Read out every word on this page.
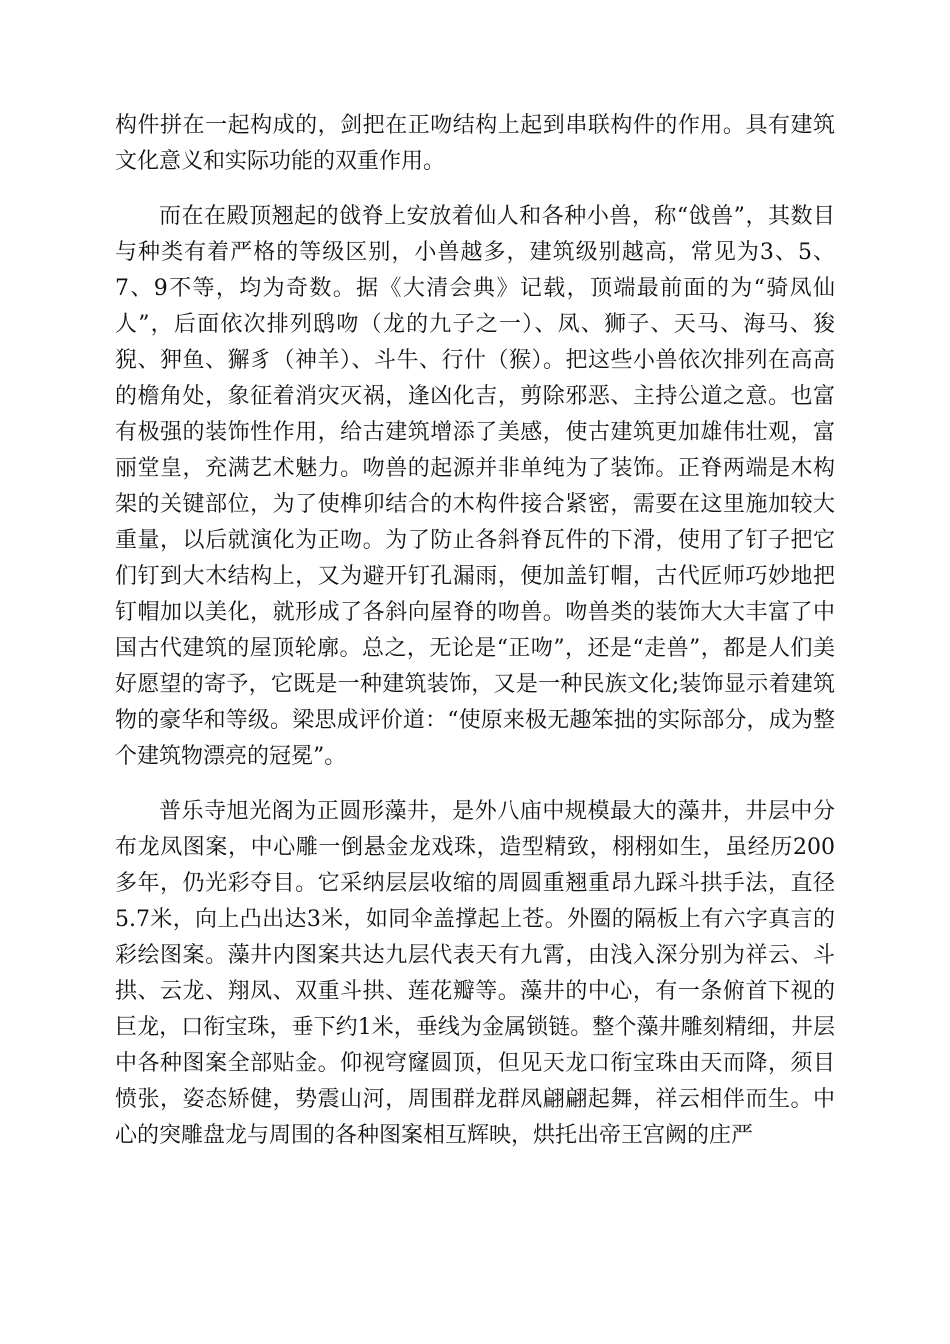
构件拼在一起构成的，剑把在正吻结构上起到串联构件的作用。具有建筑文化意义和实际功能的双重作用。

而在在殿顶翘起的戗脊上安放着仙人和各种小兽，称“戗兽”，其数目与种类有着严格的等级区别，小兽越多，建筑级别越高，常见为3、5、7、9不等，均为奇数。据《大清会典》记载，顶端最前面的为“骑凤仙人”，后面依次排列鸱吻（龙的九子之一）、凤、狮子、天马、海马、狻猊、狎鱼、獬豸（神羊）、斗牛、行什（猴）。把这些小兽依次排列在高高的檐角处，象征着消灾灭祸，逢凶化吉，剪除邪恶、主持公道之意。也富有极强的装饰性作用，给古建筑增添了美感，使古建筑更加雄伟壮观，富丽堂皇，充满艺术魅力。吻兽的起源并非单纯为了装饰。正脊两端是木构架的关键部位，为了使榫卯结合的木构件接合紧密，需要在这里施加较大重量，以后就演化为正吻。为了防止各斜脊瓦件的下滑，使用了钉子把它们钉到大木结构上，又为避开钉孔漏雨，便加盖钉帽，古代匠师巧妙地把钉帽加以美化，就形成了各斜向屋脊的吻兽。吻兽类的装饰大大丰富了中国古代建筑的屋顶轮廓。总之，无论是“正吻”，还是“走兽”，都是人们美好愿望的寄予，它既是一种建筑装饰，又是一种民族文化;装饰显示着建筑物的豪华和等级。梁思成评价道：“使原来极无趣笨拙的实际部分，成为整个建筑物漂亮的冠冕”。

普乐寺旭光阁为正圆形藻井，是外八庙中规模最大的藻井，井层中分布龙凤图案，中心雕一倒悬金龙戏珠，造型精致，栩栩如生，虽经历200多年，仍光彩夺目。它采纳层层收缩的周圆重翘重昂九踩斗拱手法，直径5.7米，向上凸出达3米，如同伞盖撑起上苍。外圈的隔板上有六字真言的彩绘图案。藻井内图案共达九层代表天有九霄，由浅入深分别为祥云、斗拱、云龙、翔凤、双重斗拱、莲花瓣等。藻井的中心，有一条俯首下视的巨龙，口衔宝珠，垂下约1米，垂线为金属锁链。整个藻井雕刻精细，井层中各种图案全部贴金。仰视穹窿圆顶，但见天龙口衔宝珠由天而降，须目愤张，姿态矫健，势震山河，周围群龙群凤翩翩起舞，祥云相伴而生。中心的突雕盘龙与周围的各种图案相互辉映，烘托出帝王宫阙的庄严
